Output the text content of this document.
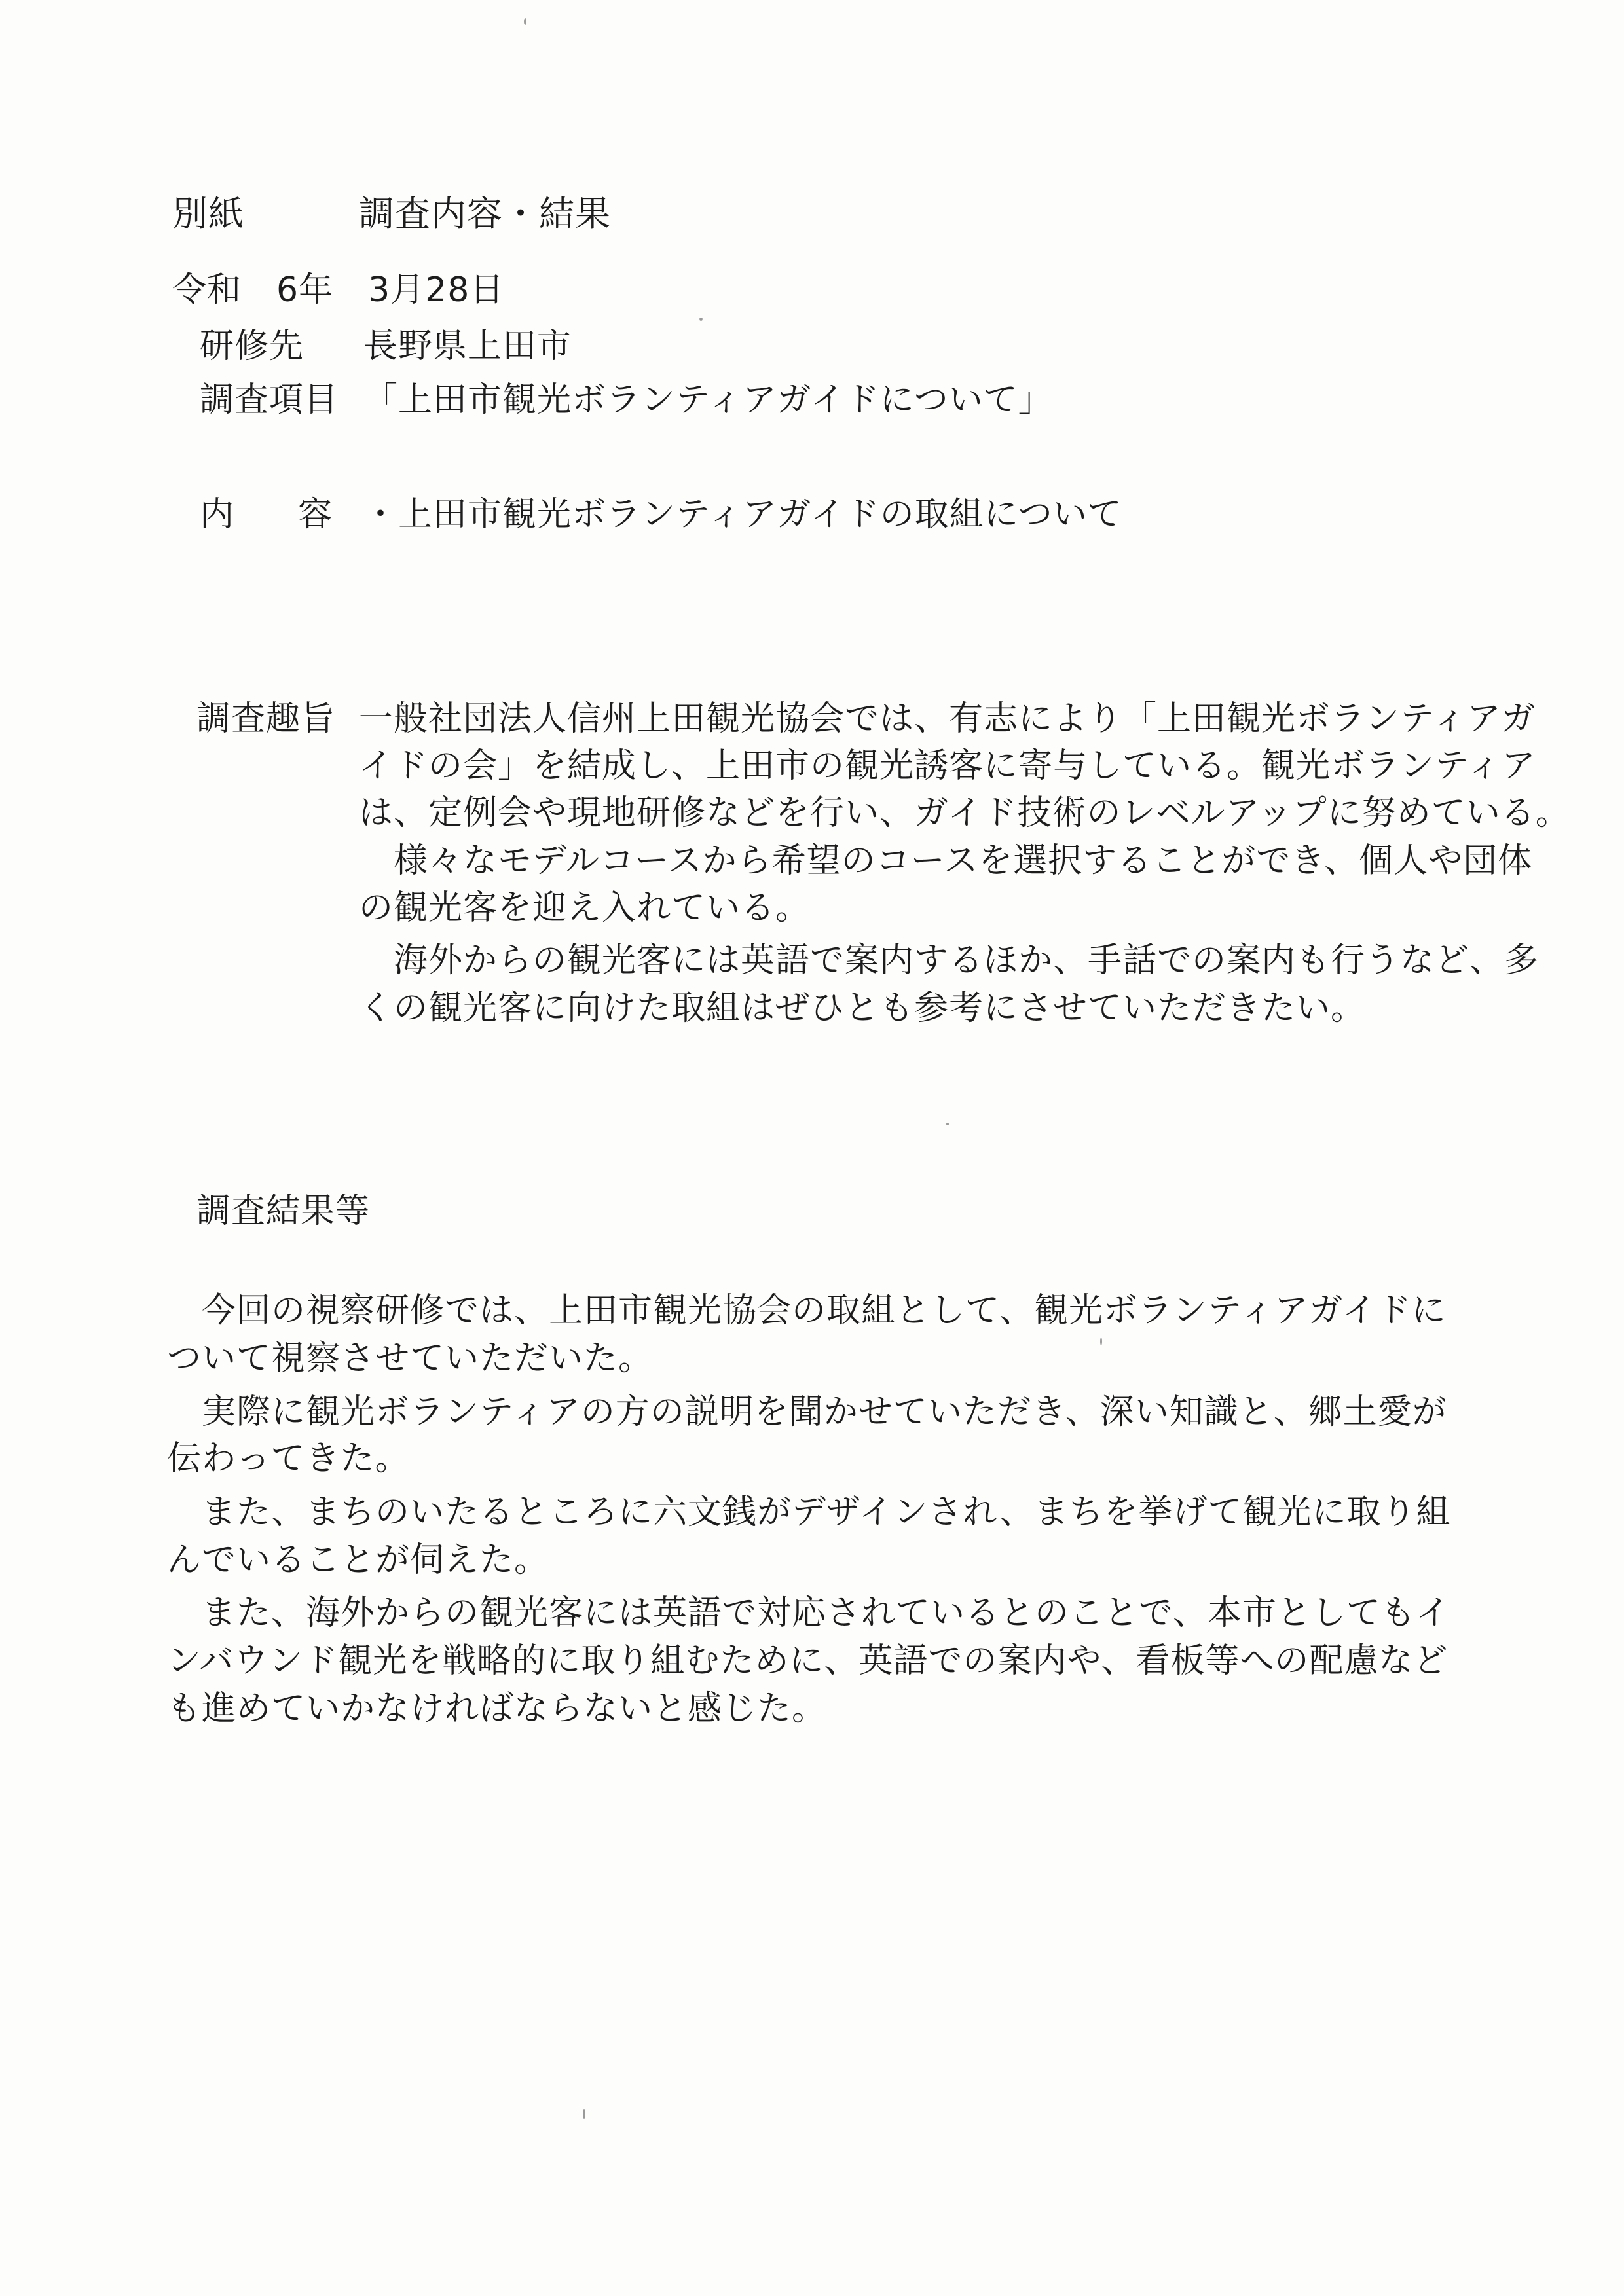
別紙	調査内容・結果
令和　6年　3月28日
研修先 長野県上田市
調査項目 「上田市観光ボランティアガイドについて」
内 容 ・上田市観光ボランティアガイドの取組について
調査趣旨 一般社団法人信州上田観光協会では、有志により「上田観光ボランティアガ
イドの会」を結成し、上田市の観光誘客に寄与している。観光ボランティア
は、定例会や現地研修などを行い、ガイド技術のレベルアップに努めている。
　様々なモデルコースから希望のコースを選択することができ、個人や団体
の観光客を迎え入れている。
　海外からの観光客には英語で案内するほか、手話での案内も行うなど、多
くの観光客に向けた取組はぜひとも参考にさせていただきたい。
調査結果等
　今回の視察研修では、上田市観光協会の取組として、観光ボランティアガイドに
ついて視察させていただいた。
　実際に観光ボランティアの方の説明を聞かせていただき、深い知識と、郷土愛が
伝わってきた。
　また、まちのいたるところに六文銭がデザインされ、まちを挙げて観光に取り組
んでいることが伺えた。
　また、海外からの観光客には英語で対応されているとのことで、本市としてもイ
ンバウンド観光を戦略的に取り組むために、英語での案内や、看板等への配慮など
も進めていかなければならないと感じた。
